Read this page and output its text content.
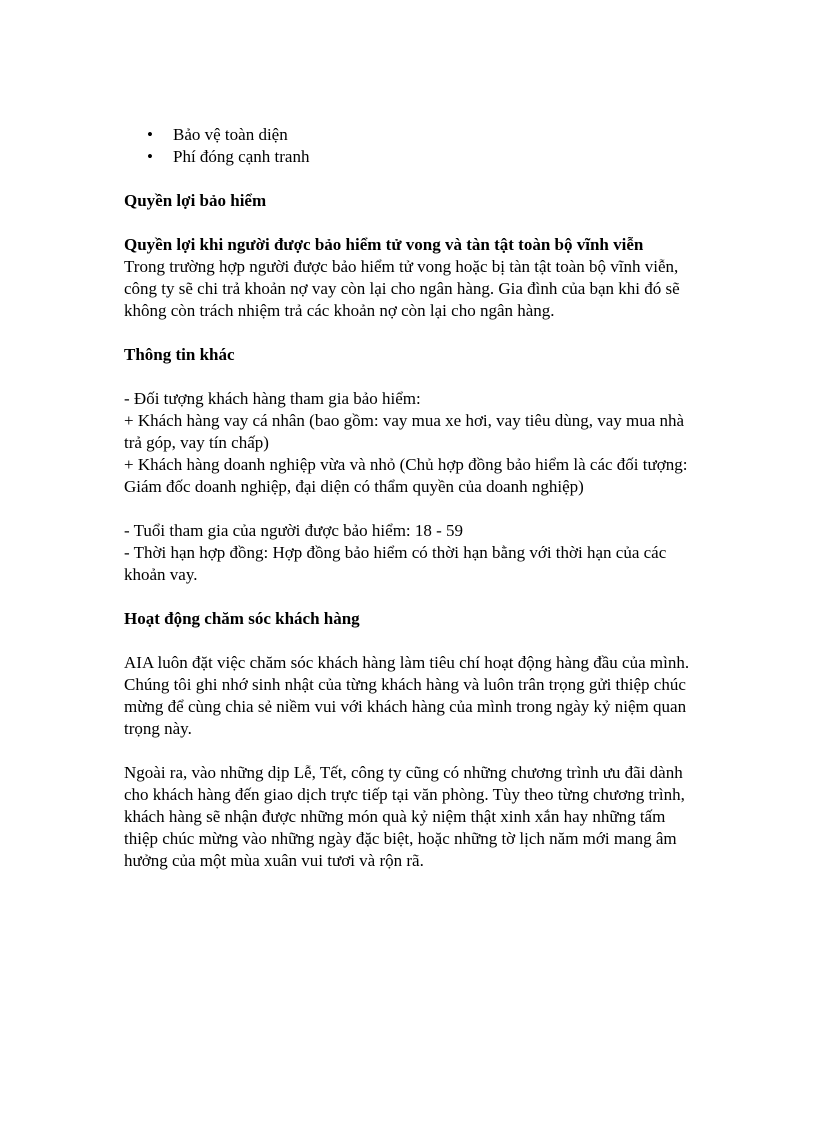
• Bảo vệ toàn diện
• Phí đóng cạnh tranh

Quyền lợi bảo hiểm

Quyền lợi khi người được bảo hiểm tử vong và tàn tật toàn bộ vĩnh viễn

Trong trường hợp người được bảo hiểm tử vong hoặc bị tàn tật toàn bộ vĩnh viễn, công ty sẽ chi trả khoản nợ vay còn lại cho ngân hàng. Gia đình của bạn khi đó sẽ không còn trách nhiệm trả các khoản nợ còn lại cho ngân hàng.

Thông tin khác

- Đối tượng khách hàng tham gia bảo hiểm:

+ Khách hàng vay cá nhân (bao gồm: vay mua xe hơi, vay tiêu dùng, vay mua nhà trả góp, vay tín chấp)

+ Khách hàng doanh nghiệp vừa và nhỏ (Chủ hợp đồng bảo hiểm là các đối tượng: Giám đốc doanh nghiệp, đại diện có thẩm quyền của doanh nghiệp)

- Tuổi tham gia của người được bảo hiểm: 18 - 59

- Thời hạn hợp đồng: Hợp đồng bảo hiểm có thời hạn bằng với thời hạn của các khoản vay.

Hoạt động chăm sóc khách hàng

AIA luôn đặt việc chăm sóc khách hàng làm tiêu chí hoạt động hàng đầu của mình. Chúng tôi ghi nhớ sinh nhật của từng khách hàng và luôn trân trọng gửi thiệp chúc mừng để cùng chia sẻ niềm vui với khách hàng của mình trong ngày kỷ niệm quan trọng này.

Ngoài ra, vào những dịp Lễ, Tết, công ty cũng có những chương trình ưu đãi dành cho khách hàng đến giao dịch trực tiếp tại văn phòng. Tùy theo từng chương trình, khách hàng sẽ nhận được những món quà kỷ niệm thật xinh xắn hay những tấm thiệp chúc mừng vào những ngày đặc biệt, hoặc những tờ lịch năm mới mang âm hưởng của một mùa xuân vui tươi và rộn rã.
